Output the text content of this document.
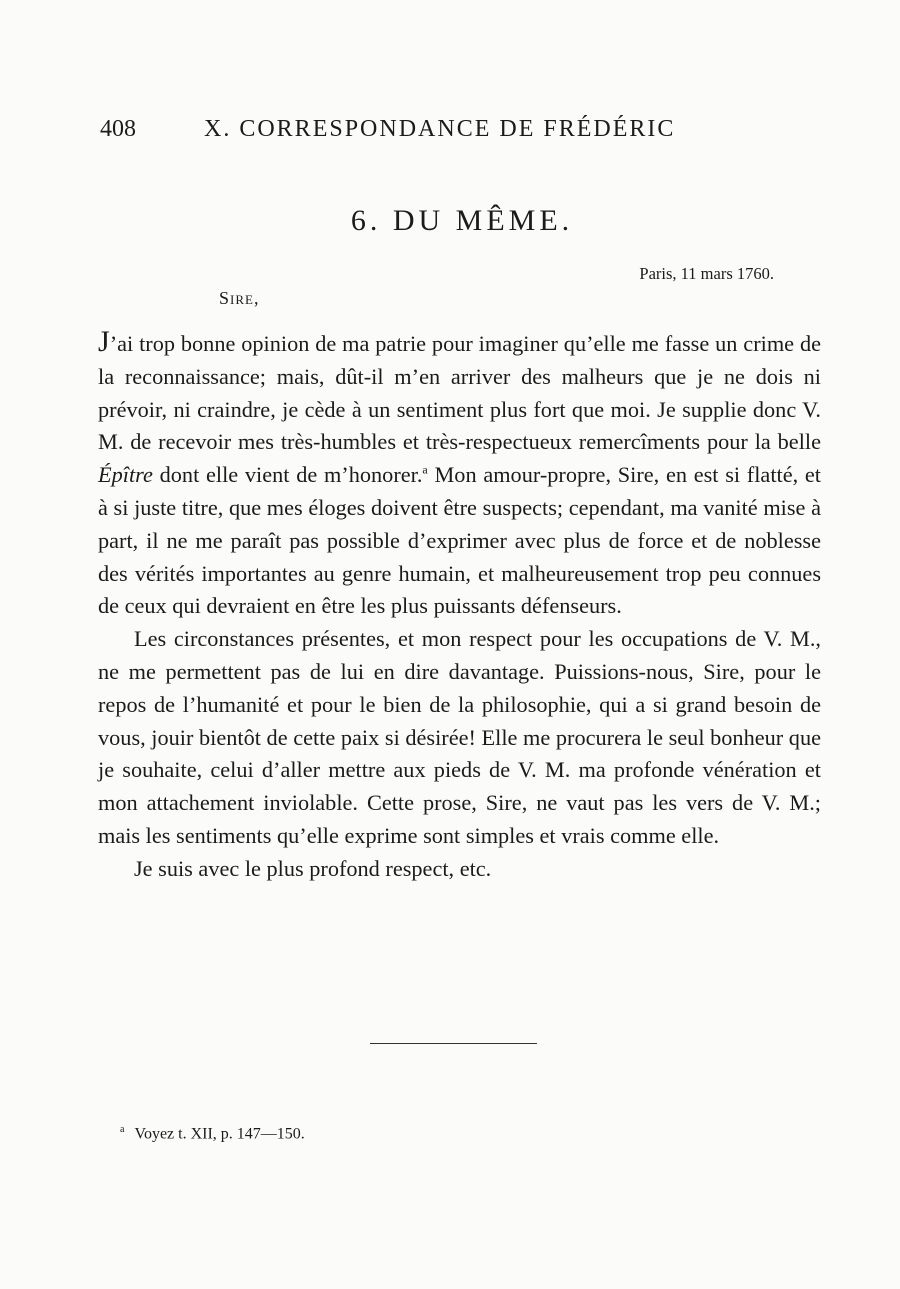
408	X. CORRESPONDANCE DE FRÉDÉRIC
6. DU MÊME.
Paris, 11 mars 1760.
Sire,

J’ai trop bonne opinion de ma patrie pour imaginer qu’elle me fasse un crime de la reconnaissance; mais, dût-il m’en arriver des malheurs que je ne dois ni prévoir, ni craindre, je cède à un sentiment plus fort que moi. Je supplie donc V. M. de recevoir mes très-humbles et très-respectueux remercîments pour la belle Épître dont elle vient de m’honorer.$^a$ Mon amour-propre, Sire, en est si flatté, et à si juste titre, que mes éloges doivent être suspects; cependant, ma vanité mise à part, il ne me paraît pas possible d’exprimer avec plus de force et de noblesse des vérités importantes au genre humain, et malheureusement trop peu connues de ceux qui devraient en être les plus puissants défenseurs.

Les circonstances présentes, et mon respect pour les occupations de V. M., ne me permettent pas de lui en dire davantage. Puissions-nous, Sire, pour le repos de l’humanité et pour le bien de la philosophie, qui a si grand besoin de vous, jouir bientôt de cette paix si désirée! Elle me procurera le seul bonheur que je souhaite, celui d’aller mettre aux pieds de V. M. ma profonde vénération et mon attachement inviolable. Cette prose, Sire, ne vaut pas les vers de V. M.; mais les sentiments qu’elle exprime sont simples et vrais comme elle.

Je suis avec le plus profond respect, etc.

$^a$ Voyez t. XII, p. 147—150.
